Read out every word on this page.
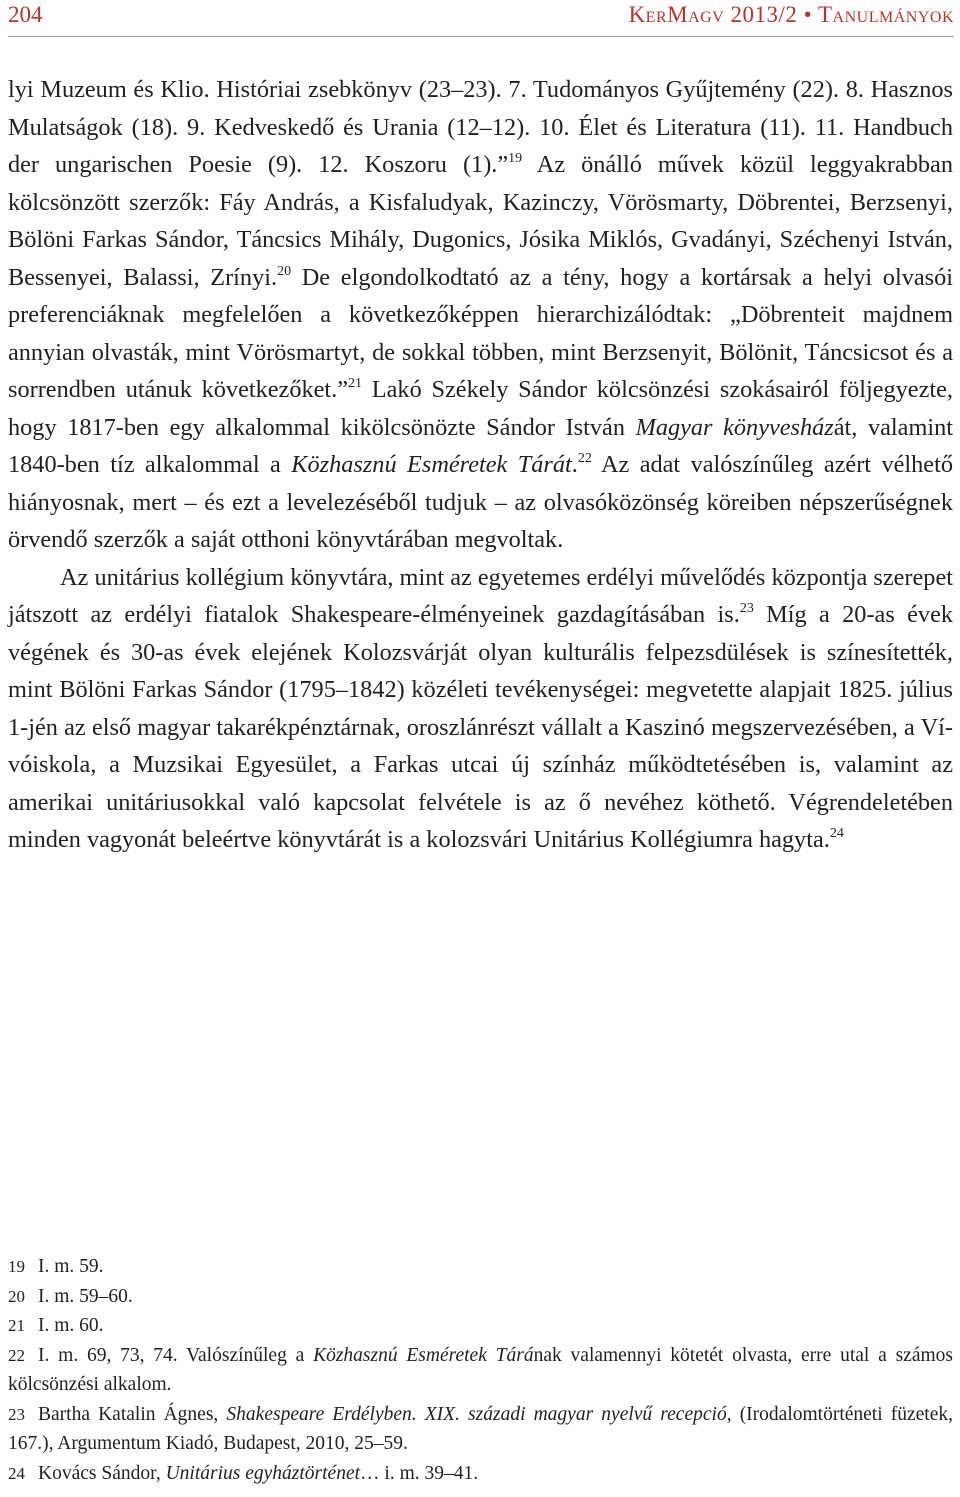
204	KerMagv 2013/2 • Tanulmányok

lyi Muzeum és Klio. Históriai zsebkönyv (23–23). 7. Tudományos Gyűjtemény (22). 8. Hasznos Mulatságok (18). 9. Kedveskedő és Urania (12–12). 10. Élet és Literatura (11). 11. Handbuch der ungarischen Poesie (9). 12. Koszoru (1).”$^{19}$ Az önálló művek közül leggyakrabban kölcsönzött szerzők: Fáy András, a Kisfaludyak, Kazinczy, Vörösmarty, Döbrentei, Berzsenyi, Bölöni Farkas Sándor, Táncsics Mihály, Dugonics, Jósika Miklós, Gvadányi, Széchenyi István, Bessenyei, Balassi, Zrínyi.$^{20}$ De elgondolkodtató az a tény, hogy a kortársak a helyi olvasói preferenciáknak megfelelően a következőképpen hierarchizálódtak: „Döbrenteit majdnem annyian olvasták, mint Vörösmartyt, de sokkal többen, mint Berzsenyit, Bölönit, Táncsicsot és a sorrendben utánuk következőket.”$^{21}$ Lakó Székely Sándor kölcsönzési szokásairól följegyezte, hogy 1817-ben egy alkalommal kikölcsönözte Sándor István Magyar könyvesházát, valamint 1840-ben tíz alkalommal a Közhasznú Esméretek Tárát.$^{22}$ Az adat valószínűleg azért vélhető hiányosnak, mert – és ezt a levelezéséből tudjuk – az olvasóközönség köreiben népszerűségnek örvendő szerzők a saját otthoni könyvtárában megvoltak.

Az unitárius kollégium könyvtára, mint az egyetemes erdélyi művelődés központja szerepet játszott az erdélyi fiatalok Shakespeare-élményeinek gazdagításában is.$^{23}$ Míg a 20-as évek végének és 30-as évek elejének Kolozsvárját olyan kulturális felpezsdülések is színesítették, mint Bölöni Farkas Sándor (1795–1842) közéleti tevékenységei: megvetette alapjait 1825. július 1-jén az első magyar takarékpénztárnak, oroszlánrészt vállalt a Kaszinó megszervezésében, a Vívóiskola, a Muzsikai Egyesület, a Farkas utcai új színház működtetésében is, valamint az amerikai unitáriusokkal való kapcsolat felvétele is az ő nevéhez köthető. Végrendeletében minden vagyonát beleértve könyvtárát is a kolozsvári Unitárius Kollégiumra hagyta.$^{24}$

19 I. m. 59.
20 I. m. 59–60.
21 I. m. 60.
22 I. m. 69, 73, 74. Valószínűleg a Közhasznú Esméretek Tárának valamennyi kötetét olvasta, erre utal a számos kölcsönzési alkalom.
23 Bartha Katalin Ágnes, Shakespeare Erdélyben. XIX. századi magyar nyelvű recepció, (Irodalomtörténeti füzetek, 167.), Argumentum Kiadó, Budapest, 2010, 25–59.
24 Kovács Sándor, Unitárius egyháztörténet… i. m. 39–41.
